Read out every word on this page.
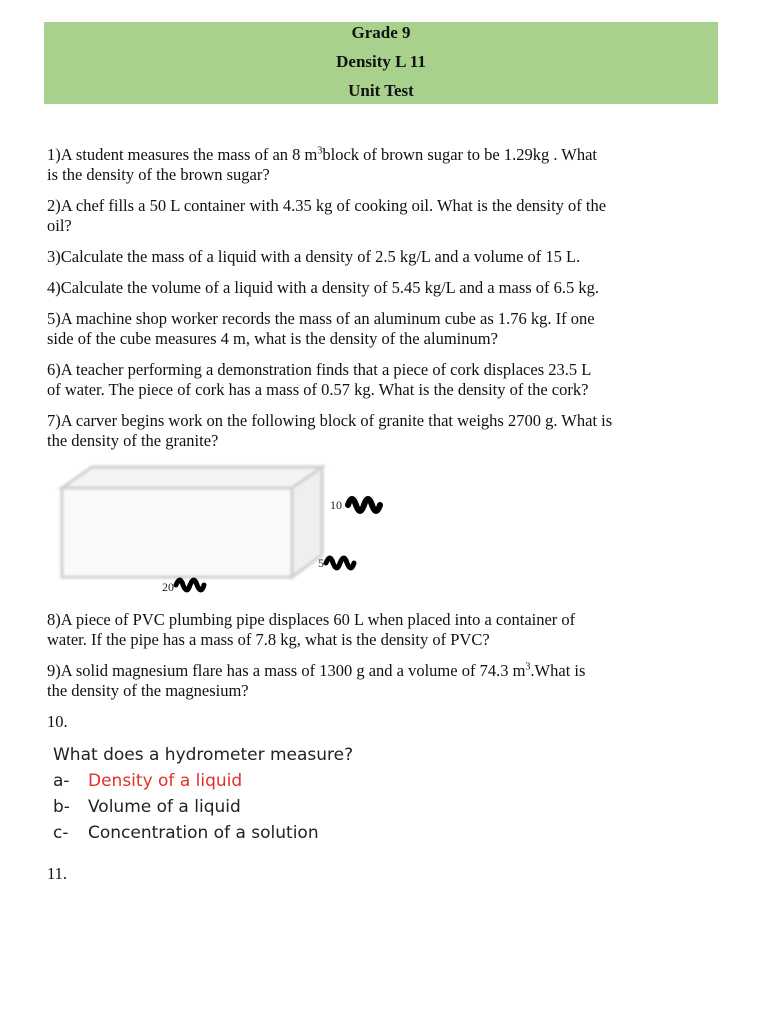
Grade 9
Density L 11
Unit Test
1)A student measures the mass of an 8 $m^3block$ of brown sugar to be 1.29kg . What
is the density of the brown sugar?
2)A chef fills a 50 L container with 4.35 kg of cooking oil. What is the density of the
oil?
3)Calculate the mass of a liquid with a density of 2.5 kg/L and a volume of 15 L.
4)Calculate the volume of a liquid with a density of 5.45 kg/L and a mass of 6.5 kg.
5)A machine shop worker records the mass of an aluminum cube as 1.76 kg. If one
side of the cube measures 4 m, what is the density of the aluminum?
6)A teacher performing a demonstration finds that a piece of cork displaces 23.5 L
of water. The piece of cork has a mass of 0.57 kg. What is the density of the cork?
7)A carver begins work on the following block of granite that weighs 2700 g. What is
the density of the granite?
10
5
20
8)A piece of PVC plumbing pipe displaces 60 L when placed into a container of
water. If the pipe has a mass of 7.8 kg, what is the density of PVC?
9)A solid magnesium flare has a mass of 1300 g and a volume of 74.3 $m^3.What$ is
the density of the magnesium?
10.
What does a hydrometer measure?
a-	Density of a liquid
b-	Volume of a liquid
c-	Concentration of a solution
11.
